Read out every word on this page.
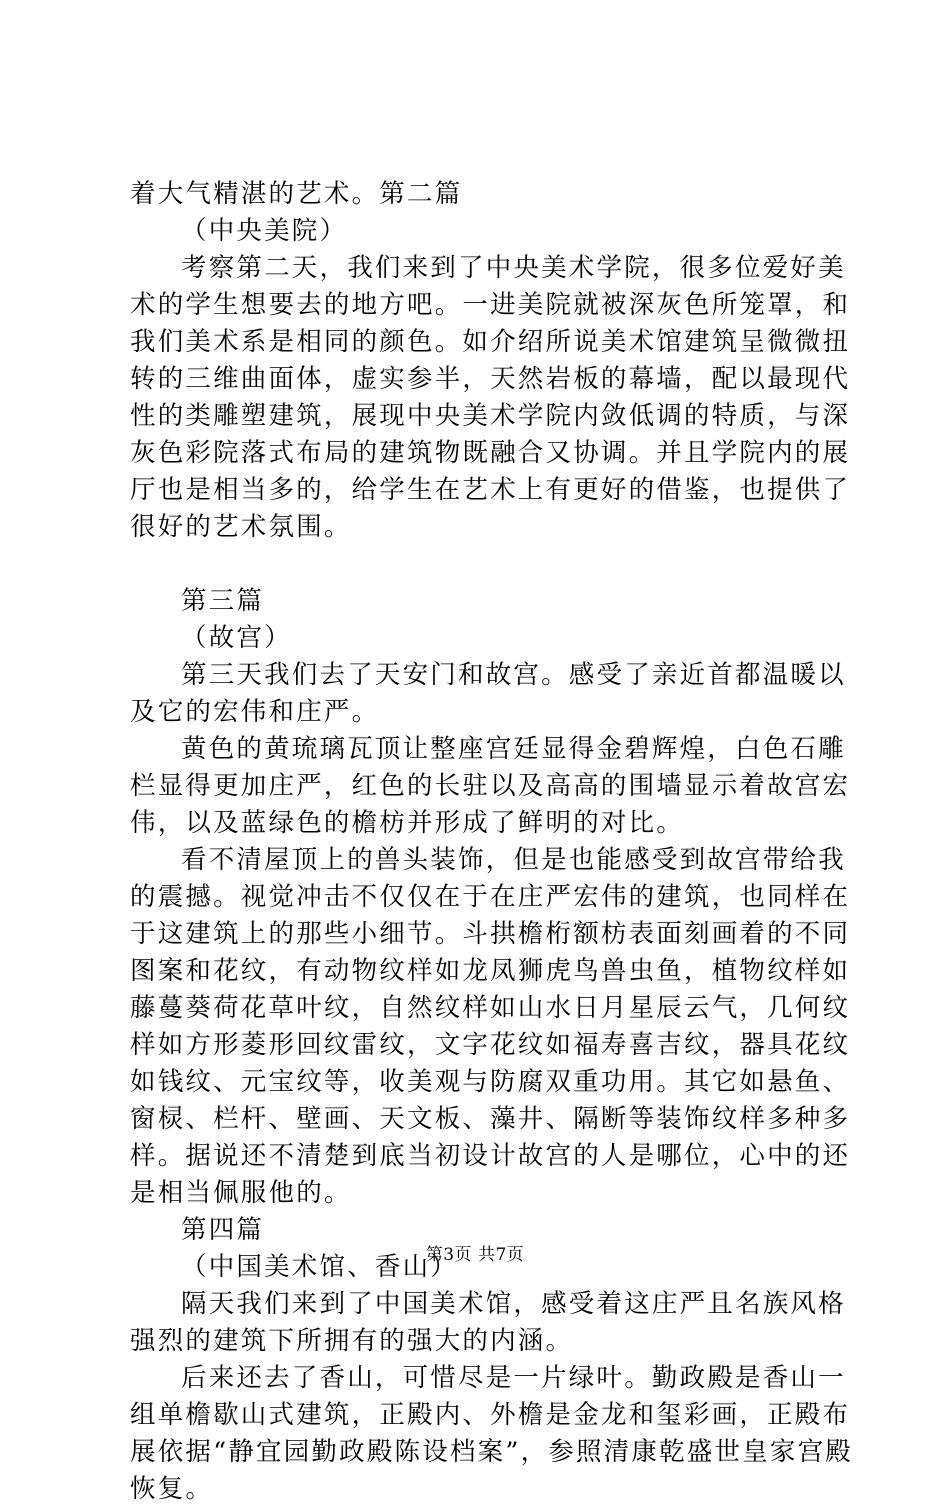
着大气精湛的艺术。第二篇

（中央美院）

考察第二天，我们来到了中央美术学院，很多位爱好美术的学生想要去的地方吧。一进美院就被深灰色所笼罩，和我们美术系是相同的颜色。如介绍所说美术馆建筑呈微微扭转的三维曲面体，虚实参半，天然岩板的幕墙，配以最现代性的类雕塑建筑，展现中央美术学院内敛低调的特质，与深灰色彩院落式布局的建筑物既融合又协调。并且学院内的展厅也是相当多的，给学生在艺术上有更好的借鉴，也提供了很好的艺术氛围。

第三篇

（故宫）

第三天我们去了天安门和故宫。感受了亲近首都温暖以及它的宏伟和庄严。

黄色的黄琉璃瓦顶让整座宫廷显得金碧辉煌，白色石雕栏显得更加庄严，红色的长驻以及高高的围墙显示着故宫宏伟，以及蓝绿色的檐枋并形成了鲜明的对比。

看不清屋顶上的兽头装饰，但是也能感受到故宫带给我的震撼。视觉冲击不仅仅在于在庄严宏伟的建筑，也同样在于这建筑上的那些小细节。斗拱檐桁额枋表面刻画着的不同图案和花纹，有动物纹样如龙凤狮虎鸟兽虫鱼，植物纹样如藤蔓葵荷花草叶纹，自然纹样如山水日月星辰云气，几何纹样如方形菱形回纹雷纹，文字花纹如福寿喜吉纹，器具花纹如钱纹、元宝纹等，收美观与防腐双重功用。其它如悬鱼、窗棂、栏杆、壁画、天文板、藻井、隔断等装饰纹样多种多样。据说还不清楚到底当初设计故宫的人是哪位，心中的还是相当佩服他的。

第四篇

（中国美术馆、香山）

隔天我们来到了中国美术馆，感受着这庄严且名族风格强烈的建筑下所拥有的强大的内涵。

后来还去了香山，可惜尽是一片绿叶。勤政殿是香山一组单檐歇山式建筑，正殿内、外檐是金龙和玺彩画，正殿布展依据“静宜园勤政殿陈设档案”，参照清康乾盛世皇家宫殿恢复。

第3页 共7页
